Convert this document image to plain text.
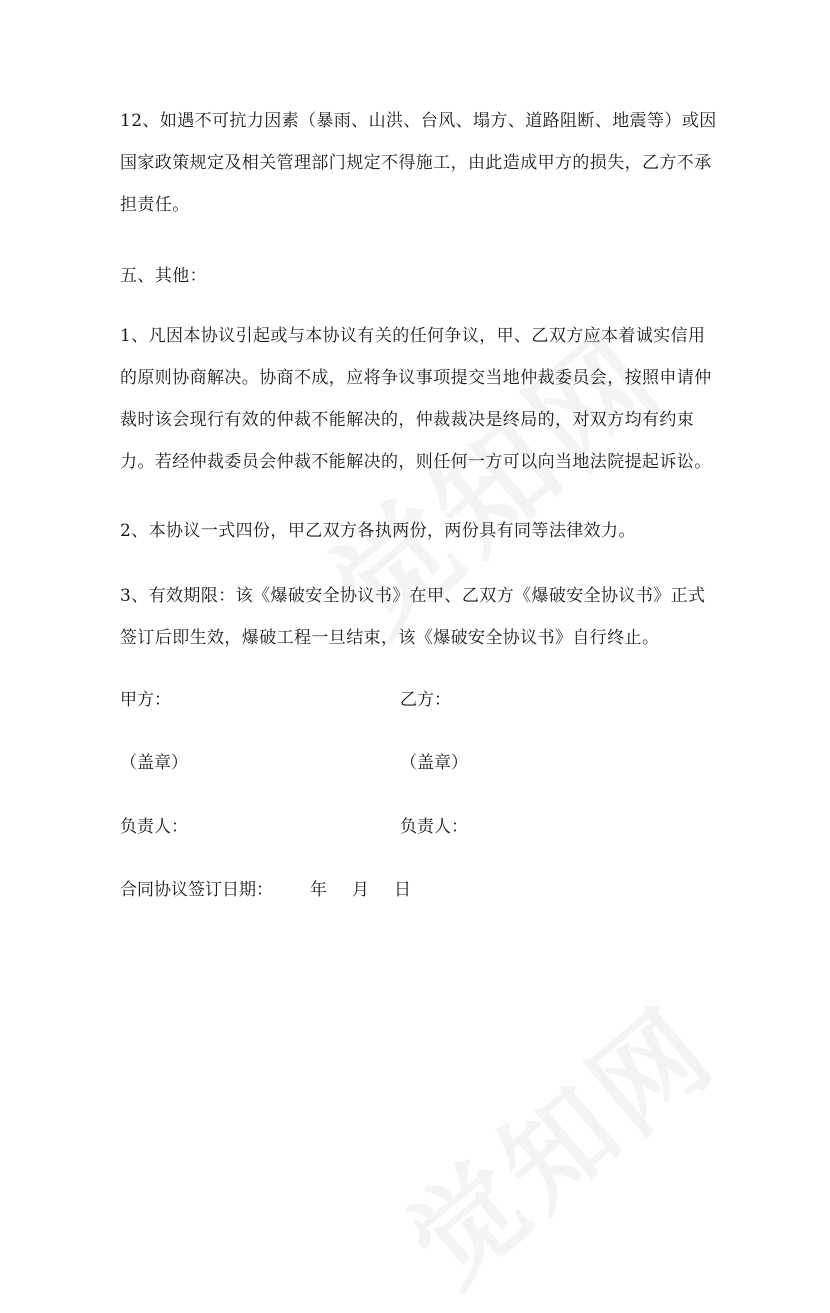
12、如遇不可抗力因素（暴雨、山洪、台风、塌方、道路阻断、地震等）或因国家政策规定及相关管理部门规定不得施工，由此造成甲方的损失，乙方不承担责任。

五、其他：

1、凡因本协议引起或与本协议有关的任何争议，甲、乙双方应本着诚实信用的原则协商解决。协商不成，应将争议事项提交当地仲裁委员会，按照申请仲裁时该会现行有效的仲裁不能解决的，仲裁裁决是终局的，对双方均有约束力。若经仲裁委员会仲裁不能解决的，则任何一方可以向当地法院提起诉讼。

2、本协议一式四份，甲乙双方各执两份，两份具有同等法律效力。

3、有效期限：该《爆破安全协议书》在甲、乙双方《爆破安全协议书》正式签订后即生效，爆破工程一旦结束，该《爆破安全协议书》自行终止。

甲方：	乙方：
（盖章）	（盖章）
负责人：	负责人：
合同协议签订日期： 年 月 日
